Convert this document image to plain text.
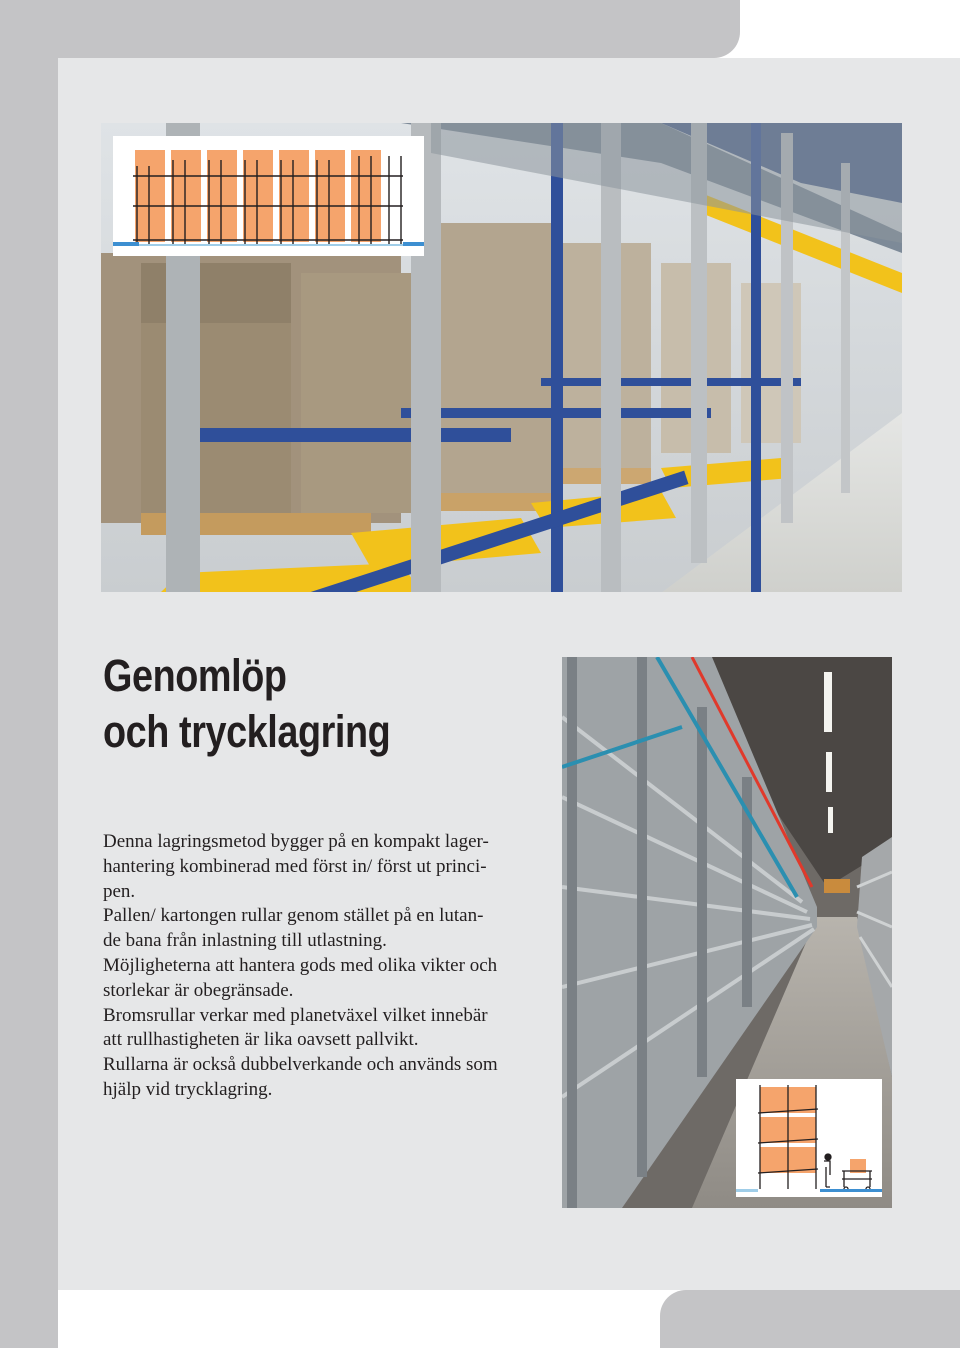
Genomlöp
och trycklagring

Denna lagringsmetod bygger på en kompakt lager-

hantering kombinerad med först in/ först ut princi-

pen.

Pallen/ kartongen rullar genom stället på en lutan-

de bana från inlastning till utlastning.

Möjligheterna att hantera gods med olika vikter och

storlekar är obegränsade.

Bromsrullar verkar med planetväxel vilket innebär

att rullhastigheten är lika oavsett pallvikt.

Rullarna är också dubbelverkande och används som

hjälp vid trycklagring.
